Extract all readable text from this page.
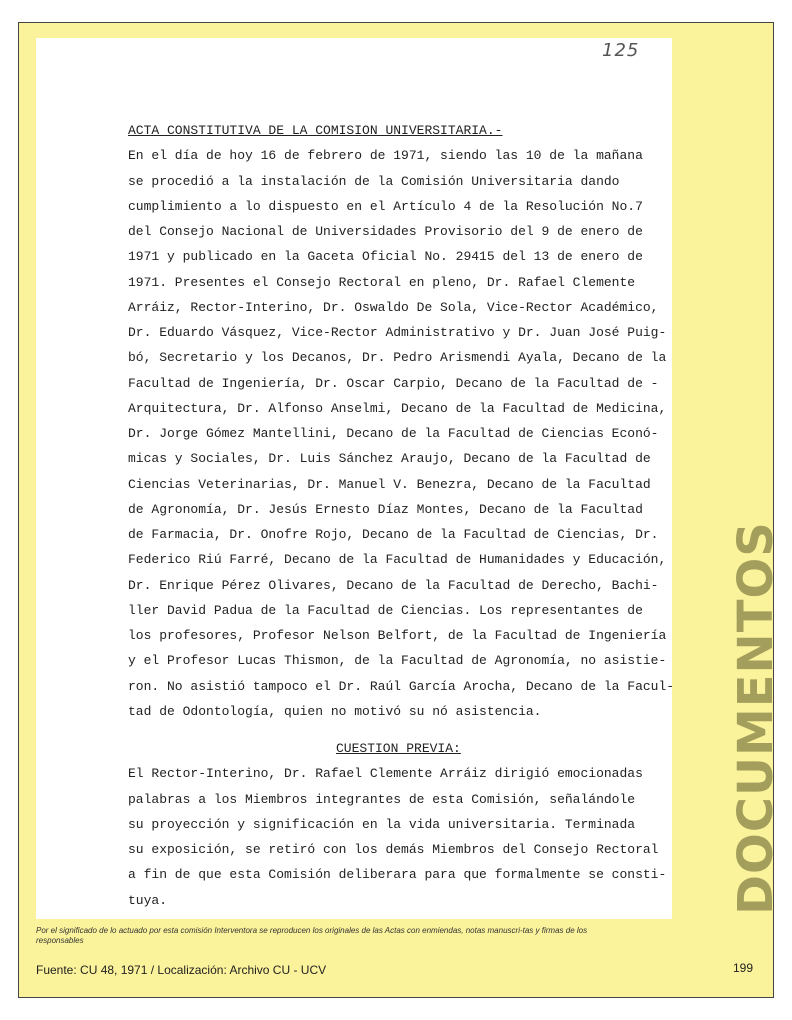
125
ACTA CONSTITUTIVA DE LA COMISION UNIVERSITARIA.-
En el día de hoy 16 de febrero de 1971, siendo las 10 de la mañana
se procedió a la instalación de la Comisión Universitaria dando
cumplimiento a lo dispuesto en el Artículo 4 de la Resolución No.7
del Consejo Nacional de Universidades Provisorio del 9 de enero de
1971 y publicado en la Gaceta Oficial No. 29415 del 13 de enero de
1971. Presentes el Consejo Rectoral en pleno, Dr. Rafael Clemente
Arráiz, Rector-Interino, Dr. Oswaldo De Sola, Vice-Rector Académico,
Dr. Eduardo Vásquez, Vice-Rector Administrativo y Dr. Juan José Puig-
bó, Secretario y los Decanos, Dr. Pedro Arismendi Ayala, Decano de la
Facultad de Ingeniería, Dr. Oscar Carpio, Decano de la Facultad de -
Arquitectura, Dr. Alfonso Anselmi, Decano de la Facultad de Medicina,
Dr. Jorge Gómez Mantellini, Decano de la Facultad de Ciencias Econó-
micas y Sociales, Dr. Luis Sánchez Araujo, Decano de la Facultad de
Ciencias Veterinarias, Dr. Manuel V. Benezra, Decano de la Facultad
de Agronomía, Dr. Jesús Ernesto Díaz Montes, Decano de la Facultad
de Farmacia, Dr. Onofre Rojo, Decano de la Facultad de Ciencias, Dr.
Federico Riú Farré, Decano de la Facultad de Humanidades y Educación,
Dr. Enrique Pérez Olivares, Decano de la Facultad de Derecho, Bachi-
ller David Padua de la Facultad de Ciencias. Los representantes de
los profesores, Profesor Nelson Belfort, de la Facultad de Ingeniería
y el Profesor Lucas Thismon, de la Facultad de Agronomía, no asistie-
ron. No asistió tampoco el Dr. Raúl García Arocha, Decano de la Facul-
tad de Odontología, quien no motivó su nó asistencia.
CUESTION PREVIA:
El Rector-Interino, Dr. Rafael Clemente Arráiz dirigió emocionadas
palabras a los Miembros integrantes de esta Comisión, señalándole
su proyección y significación en la vida universitaria. Terminada
su exposición, se retiró con los demás Miembros del Consejo Rectoral
a fin de que esta Comisión deliberara para que formalmente se consti-
tuya.	DOCUMENTOS
Por el significado de lo actuado por esta comisión Interventora se reproducen los originales de las Actas con enmiendas, notas manuscri-tas y firmas de los responsables
Fuente: CU 48, 1971 / Localización: Archivo CU - UCV	199
